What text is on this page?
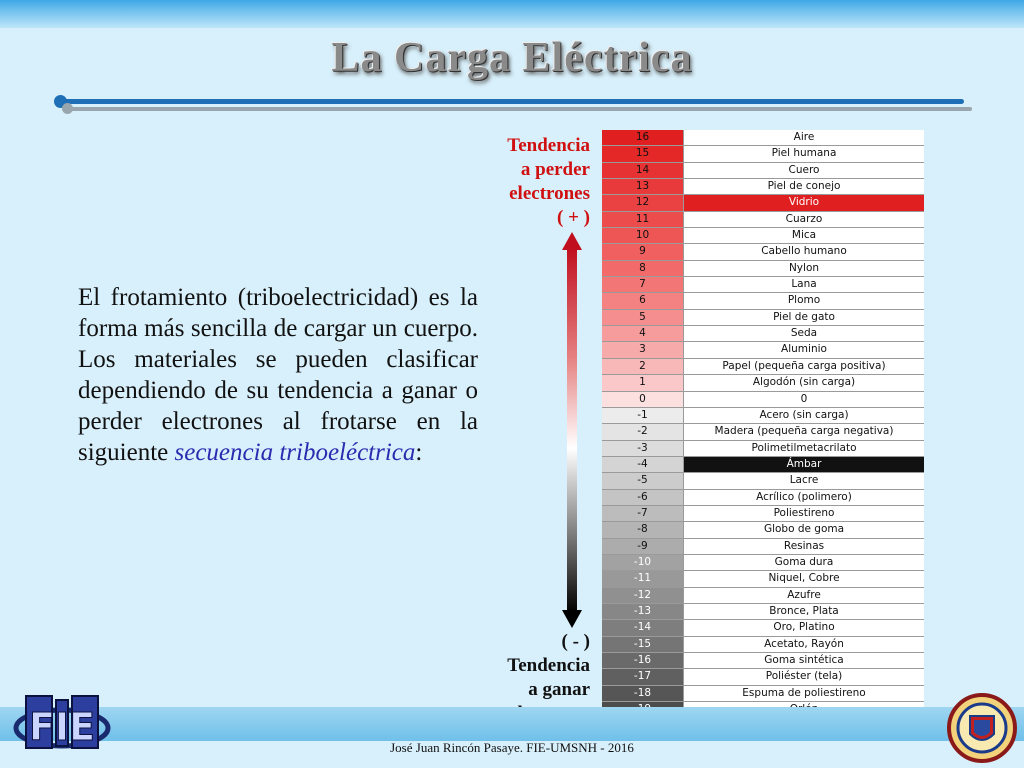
La Carga Eléctrica
El frotamiento (triboelectricidad) es la forma más sencilla de cargar un cuerpo. Los materiales se pueden clasificar dependiendo de su tendencia a ganar o perder electrones al frotarse en la siguiente secuencia triboeléctrica:
Tendencia
a perder
electrones
( + )
( - )
Tendencia
a ganar
16	Aire
15	Piel humana
14	Cuero
13	Piel de conejo
12	Vidrio
11	Cuarzo
10	Mica
9	Cabello humano
8	Nylon
7	Lana
6	Plomo
5	Piel de gato
4	Seda
3	Aluminio
2	Papel (pequeña carga positiva)
1	Algodón (sin carga)
0	0
-1	Acero (sin carga)
-2	Madera (pequeña carga negativa)
-3	Polimetilmetacrilato
-4	Ámbar
-5	Lacre
-6	Acrílico (polimero)
-7	Poliestireno
-8	Globo de goma
-9	Resinas
-10	Goma dura
-11	Niquel, Cobre
-12	Azufre
-13	Bronce, Plata
-14	Oro, Platino
-15	Acetato, Rayón
-16	Goma sintética
-17	Poliéster (tela)
-18	Espuma de poliestireno
José Juan Rincón Pasaye. FIE-UMSNH - 2016
FIE
